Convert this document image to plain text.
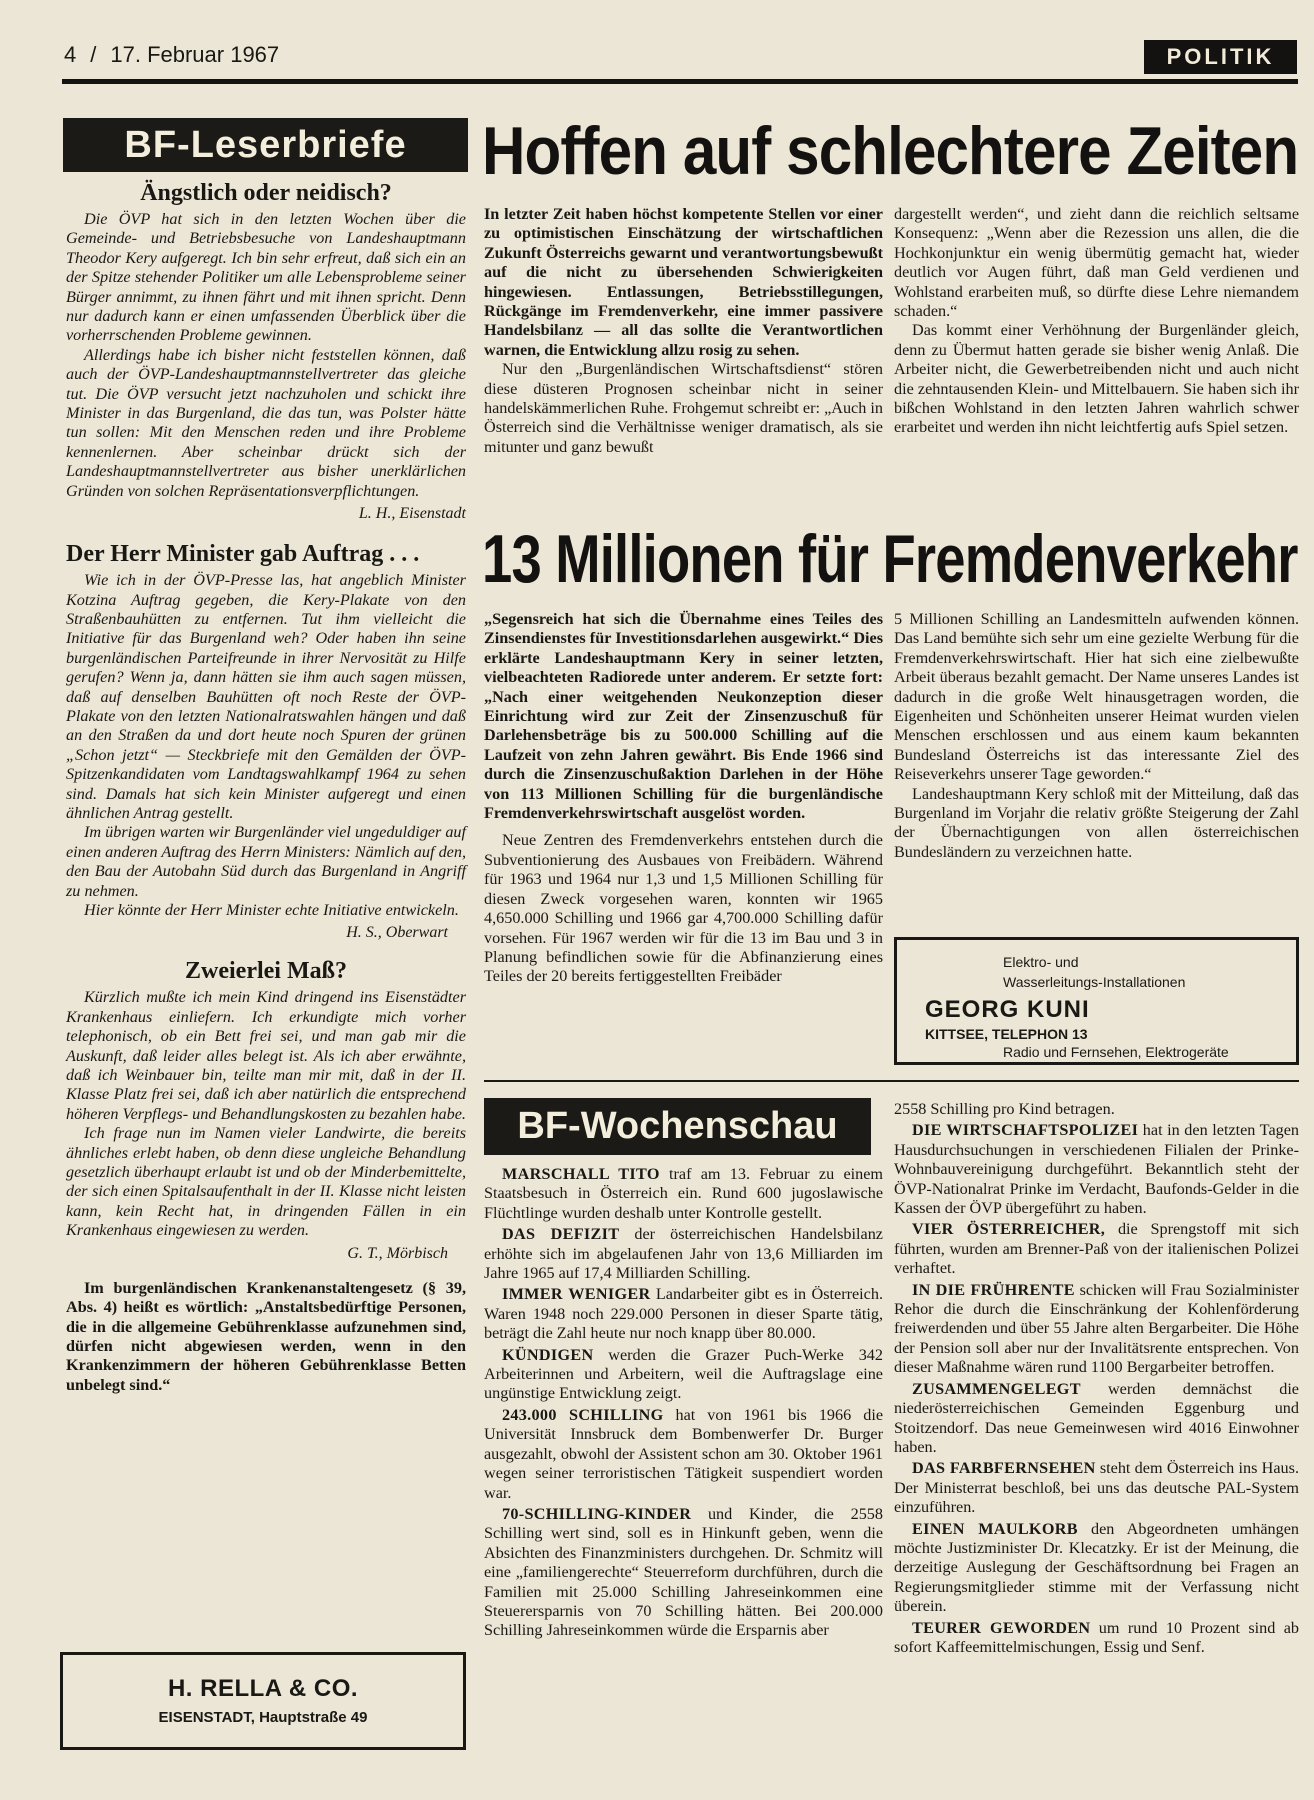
4 / 17. Februar 1967	POLITIK
BF-Leserbriefe
Ängstlich oder neidisch?

Die ÖVP hat sich in den letzten Wochen über die Gemeinde- und Betriebsbesuche von Landeshauptmann Theodor Kery aufgeregt. Ich bin sehr erfreut, daß sich ein an der Spitze stehender Politiker um alle Lebensprobleme seiner Bürger annimmt, zu ihnen fährt und mit ihnen spricht. Denn nur dadurch kann er einen umfassenden Überblick über die vorherrschenden Probleme gewinnen.

Allerdings habe ich bisher nicht feststellen können, daß auch der ÖVP-Landeshauptmannstellvertreter das gleiche tut. Die ÖVP versucht jetzt nachzuholen und schickt ihre Minister in das Burgenland, die das tun, was Polster hätte tun sollen: Mit den Menschen reden und ihre Probleme kennenlernen. Aber scheinbar drückt sich der Landeshauptmannstellvertreter aus bisher unerklärlichen Gründen von solchen Repräsentationsverpflichtungen.

L. H., Eisenstadt
Der Herr Minister gab Auftrag . . .

Wie ich in der ÖVP-Presse las, hat angeblich Minister Kotzina Auftrag gegeben, die Kery-Plakate von den Straßenbauhütten zu entfernen. Tut ihm vielleicht die Initiative für das Burgenland weh? Oder haben ihn seine burgenländischen Parteifreunde in ihrer Nervosität zu Hilfe gerufen? Wenn ja, dann hätten sie ihm auch sagen müssen, daß auf denselben Bauhütten oft noch Reste der ÖVP-Plakate von den letzten Nationalratswahlen hängen und daß an den Straßen da und dort heute noch Spuren der grünen „Schon jetzt“ — Steckbriefe mit den Gemälden der ÖVP-Spitzenkandidaten vom Landtagswahlkampf 1964 zu sehen sind. Damals hat sich kein Minister aufgeregt und einen ähnlichen Antrag gestellt.

Im übrigen warten wir Burgenländer viel ungeduldiger auf einen anderen Auftrag des Herrn Ministers: Nämlich auf den, den Bau der Autobahn Süd durch das Burgenland in Angriff zu nehmen.

Hier könnte der Herr Minister echte Initiative entwickeln.

H. S., Oberwart
Zweierlei Maß?

Kürzlich mußte ich mein Kind dringend ins Eisenstädter Krankenhaus einliefern. Ich erkundigte mich vorher telephonisch, ob ein Bett frei sei, und man gab mir die Auskunft, daß leider alles belegt ist. Als ich aber erwähnte, daß ich Weinbauer bin, teilte man mir mit, daß in der II. Klasse Platz frei sei, daß ich aber natürlich die entsprechend höheren Verpflegs- und Behandlungskosten zu bezahlen habe.

Ich frage nun im Namen vieler Landwirte, die bereits ähnliches erlebt haben, ob denn diese ungleiche Behandlung gesetzlich überhaupt erlaubt ist und ob der Minderbemittelte, der sich einen Spitalsaufenthalt in der II. Klasse nicht leisten kann, kein Recht hat, in dringenden Fällen in ein Krankenhaus eingewiesen zu werden.

G. T., Mörbisch

Im burgenländischen Krankenanstaltengesetz (§ 39, Abs. 4) heißt es wörtlich: „Anstaltsbedürftige Personen, die in die allgemeine Gebührenklasse aufzunehmen sind, dürfen nicht abgewiesen werden, wenn in den Krankenzimmern der höheren Gebührenklasse Betten unbelegt sind.“

H. RELLA & CO.
EISENSTADT, Hauptstraße 49
Hoffen auf schlechtere Zeiten

In letzter Zeit haben höchst kompetente Stellen vor einer zu optimistischen Einschätzung der wirtschaftlichen Zukunft Österreichs gewarnt und verantwortungsbewußt auf die nicht zu übersehenden Schwierigkeiten hingewiesen. Entlassungen, Betriebsstillegungen, Rückgänge im Fremdenverkehr, eine immer passivere Handelsbilanz — all das sollte die Verantwortlichen warnen, die Entwicklung allzu rosig zu sehen.

Nur den „Burgenländischen Wirtschaftsdienst“ stören diese düsteren Prognosen scheinbar nicht in seiner handelskämmerlichen Ruhe. Frohgemut schreibt er: „Auch in Österreich sind die Verhältnisse weniger dramatisch, als sie mitunter und ganz bewußt

dargestellt werden“, und zieht dann die reichlich seltsame Konsequenz: „Wenn aber die Rezession uns allen, die die Hochkonjunktur ein wenig übermütig gemacht hat, wieder deutlich vor Augen führt, daß man Geld verdienen und Wohlstand erarbeiten muß, so dürfte diese Lehre niemandem schaden.“

Das kommt einer Verhöhnung der Burgenländer gleich, denn zu Übermut hatten gerade sie bisher wenig Anlaß. Die Arbeiter nicht, die Gewerbetreibenden nicht und auch nicht die zehntausenden Klein- und Mittelbauern. Sie haben sich ihr bißchen Wohlstand in den letzten Jahren wahrlich schwer erarbeitet und werden ihn nicht leichtfertig aufs Spiel setzen.

13 Millionen für Fremdenverkehr

„Segensreich hat sich die Übernahme eines Teiles des Zinsendienstes für Investitionsdarlehen ausgewirkt.“ Dies erklärte Landeshauptmann Kery in seiner letzten, vielbeachteten Radiorede unter anderem. Er setzte fort: „Nach einer weitgehenden Neukonzeption dieser Einrichtung wird zur Zeit der Zinsenzuschuß für Darlehensbeträge bis zu 500.000 Schilling auf die Laufzeit von zehn Jahren gewährt. Bis Ende 1966 sind durch die Zinsenzuschußaktion Darlehen in der Höhe von 113 Millionen Schilling für die burgenländische Fremdenverkehrswirtschaft ausgelöst worden.

Neue Zentren des Fremdenverkehrs entstehen durch die Subventionierung des Ausbaues von Freibädern. Während für 1963 und 1964 nur 1,3 und 1,5 Millionen Schilling für diesen Zweck vorgesehen waren, konnten wir 1965 4,650.000 Schilling und 1966 gar 4,700.000 Schilling dafür vorsehen. Für 1967 werden wir für die 13 im Bau und 3 in Planung befindlichen sowie für die Abfinanzierung eines Teiles der 20 bereits fertiggestellten Freibäder

5 Millionen Schilling an Landesmitteln aufwenden können. Das Land bemühte sich sehr um eine gezielte Werbung für die Fremdenverkehrswirtschaft. Hier hat sich eine zielbewußte Arbeit überaus bezahlt gemacht. Der Name unseres Landes ist dadurch in die große Welt hinausgetragen worden, die Eigenheiten und Schönheiten unserer Heimat wurden vielen Menschen erschlossen und aus einem kaum bekannten Bundesland Österreichs ist das interessante Ziel des Reiseverkehrs unserer Tage geworden.“

Landeshauptmann Kery schloß mit der Mitteilung, daß das Burgenland im Vorjahr die relativ größte Steigerung der Zahl der Übernachtigungen von allen österreichischen Bundesländern zu verzeichnen hatte.

Elektro- und
Wasserleitungs-Installationen
GEORG KUNI
KITTSEE, TELEPHON 13
Radio und Fernsehen, Elektrogeräte
BF-Wochenschau

MARSCHALL TITO traf am 13. Februar zu einem Staatsbesuch in Österreich ein. Rund 600 jugoslawische Flüchtlinge wurden deshalb unter Kontrolle gestellt.

DAS DEFIZIT der österreichischen Handelsbilanz erhöhte sich im abgelaufenen Jahr von 13,6 Milliarden im Jahre 1965 auf 17,4 Milliarden Schilling.

IMMER WENIGER Landarbeiter gibt es in Österreich. Waren 1948 noch 229.000 Personen in dieser Sparte tätig, beträgt die Zahl heute nur noch knapp über 80.000.

KÜNDIGEN werden die Grazer Puch-Werke 342 Arbeiterinnen und Arbeitern, weil die Auftragslage eine ungünstige Entwicklung zeigt.

243.000 SCHILLING hat von 1961 bis 1966 die Universität Innsbruck dem Bombenwerfer Dr. Burger ausgezahlt, obwohl der Assistent schon am 30. Oktober 1961 wegen seiner terroristischen Tätigkeit suspendiert worden war.

70-SCHILLING-KINDER und Kinder, die 2558 Schilling wert sind, soll es in Hinkunft geben, wenn die Absichten des Finanzministers durchgehen. Dr. Schmitz will eine „familiengerechte“ Steuerreform durchführen, durch die Familien mit 25.000 Schilling Jahreseinkommen eine Steuerersparnis von 70 Schilling hätten. Bei 200.000 Schilling Jahreseinkommen würde die Ersparnis aber

2558 Schilling pro Kind betragen.

DIE WIRTSCHAFTSPOLIZEI hat in den letzten Tagen Hausdurchsuchungen in verschiedenen Filialen der Prinke-Wohnbauvereinigung durchgeführt. Bekanntlich steht der ÖVP-Nationalrat Prinke im Verdacht, Baufonds-Gelder in die Kassen der ÖVP übergeführt zu haben.

VIER ÖSTERREICHER, die Sprengstoff mit sich führten, wurden am Brenner-Paß von der italienischen Polizei verhaftet.

IN DIE FRÜHRENTE schicken will Frau Sozialminister Rehor die durch die Einschränkung der Kohlenförderung freiwerdenden und über 55 Jahre alten Bergarbeiter. Die Höhe der Pension soll aber nur der Invalitätsrente entsprechen. Von dieser Maßnahme wären rund 1100 Bergarbeiter betroffen.

ZUSAMMENGELEGT werden demnächst die niederösterreichischen Gemeinden Eggenburg und Stoitzendorf. Das neue Gemeinwesen wird 4016 Einwohner haben.

DAS FARBFERNSEHEN steht dem Österreich ins Haus. Der Ministerrat beschloß, bei uns das deutsche PAL-System einzuführen.

EINEN MAULKORB den Abgeordneten umhängen möchte Justizminister Dr. Klecatzky. Er ist der Meinung, die derzeitige Auslegung der Geschäftsordnung bei Fragen an Regierungsmitglieder stimme mit der Verfassung nicht überein.

TEURER GEWORDEN um rund 10 Prozent sind ab sofort Kaffeemittelmischungen, Essig und Senf.
